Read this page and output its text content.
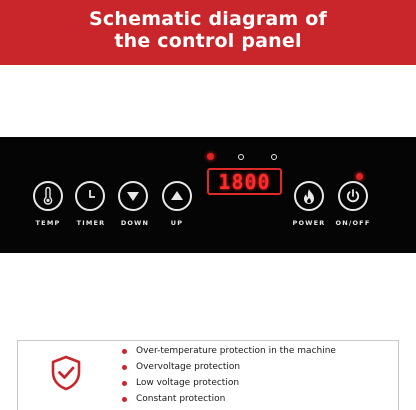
Schematic diagram of
the control panel
1800
TEMP	TIMER	DOWN	UP	POWER	ON/OFF
Over-temperature protection in the machine
Overvoltage protection
Low voltage protection
Constant protection
